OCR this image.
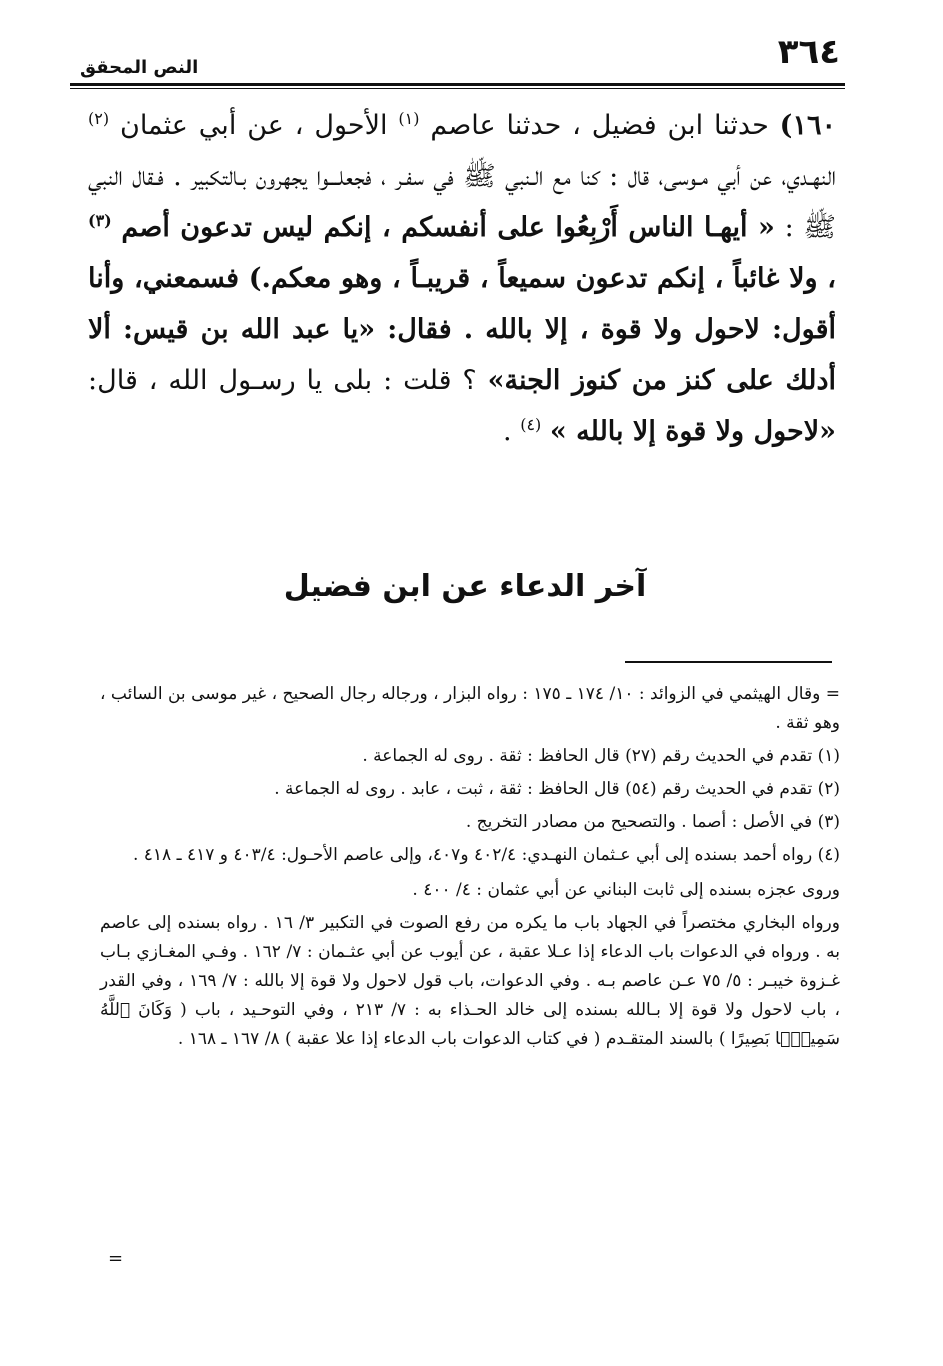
٣٦٤
النص المحقق
١٦٠) حدثنا ابن فضيل ، حدثنا عاصم $^{(١)}$ الأحول ، عن أبي عثمان $^{(٢)}$ النهـدي، عن أبي مـوسى، قال : كنا مع الـنبي ﷺ في سفـر ، فجعلـــوا يجهرون بـالتكبير . فـقال النبي ﷺ : « أيهـا الناس أَرْبِعُوا على أنفسكم ، إنكم ليس تدعون أصم $^{(٣)}$ ، ولا غائباً ، إنكم تدعون سميعاً ، قريبـاً ، وهو معكم.) فسمعني، وأنا أقول: لاحول ولا قوة ، إلا بالله . فقال: «يا عبد الله بن قيس: ألا أدلك على كنز من كنوز الجنة» ؟ قلت : بلى يا رسـول الله ، قال: «لاحول ولا قوة إلا بالله » $^{(٤)}$ .
آخر الدعاء عن ابن فضيل

= وقال الهيثمي في الزوائد : ١٠/ ١٧٤ ـ ١٧٥ : رواه البزار ، ورجاله رجال الصحيح ، غير موسى بن السائب ، وهو ثقة .

(١) تقدم في الحديث رقم (٢٧) قال الحافظ : ثقة . روى له الجماعة .

(٢) تقدم في الحديث رقم (٥٤) قال الحافظ : ثقة ، ثبت ، عابد . روى له الجماعة .

(٣) في الأصل : أصما . والتصحيح من مصادر التخريج .

(٤) رواه أحمد بسنده إلى أبي عـثمان النهـدي: ٤٠٢/٤ و٤٠٧، وإلى عاصم الأحـول: ٤٠٣/٤ و ٤١٧ ـ ٤١٨ .

وروى عجزه بسنده إلى ثابت البناني عن أبي عثمان : ٤/ ٤٠٠ .

ورواه البخاري مختصراً في الجهاد باب ما يكره من رفع الصوت في التكبير ٣/ ١٦ . رواه بسنده إلى عاصم به . ورواه في الدعوات باب الدعاء إذا عـلا عقبة ، عن أيوب عن أبي عثـمان : ٧/ ١٦٢ . وفـي المغـازي بـاب غـزوة خيبـر : ٥/ ٧٥ عـن عاصم بـه . وفي الدعوات، باب قول لاحول ولا قوة إلا بالله : ٧/ ١٦٩ ، وفي القدر ، باب لاحول ولا قوة إلا بـالله بسنده إلى خالد الحـذاء به : ٧/ ٢١٣ ، وفي التوحـيد ، باب ( وَكَانَ ٱللَّهُ سَمِيعًۢا بَصِيرًا ) بالسند المتقـدم ( في كتاب الدعوات باب الدعاء إذا علا عقبة ) ٨/ ١٦٧ ـ ١٦٨ .

=
